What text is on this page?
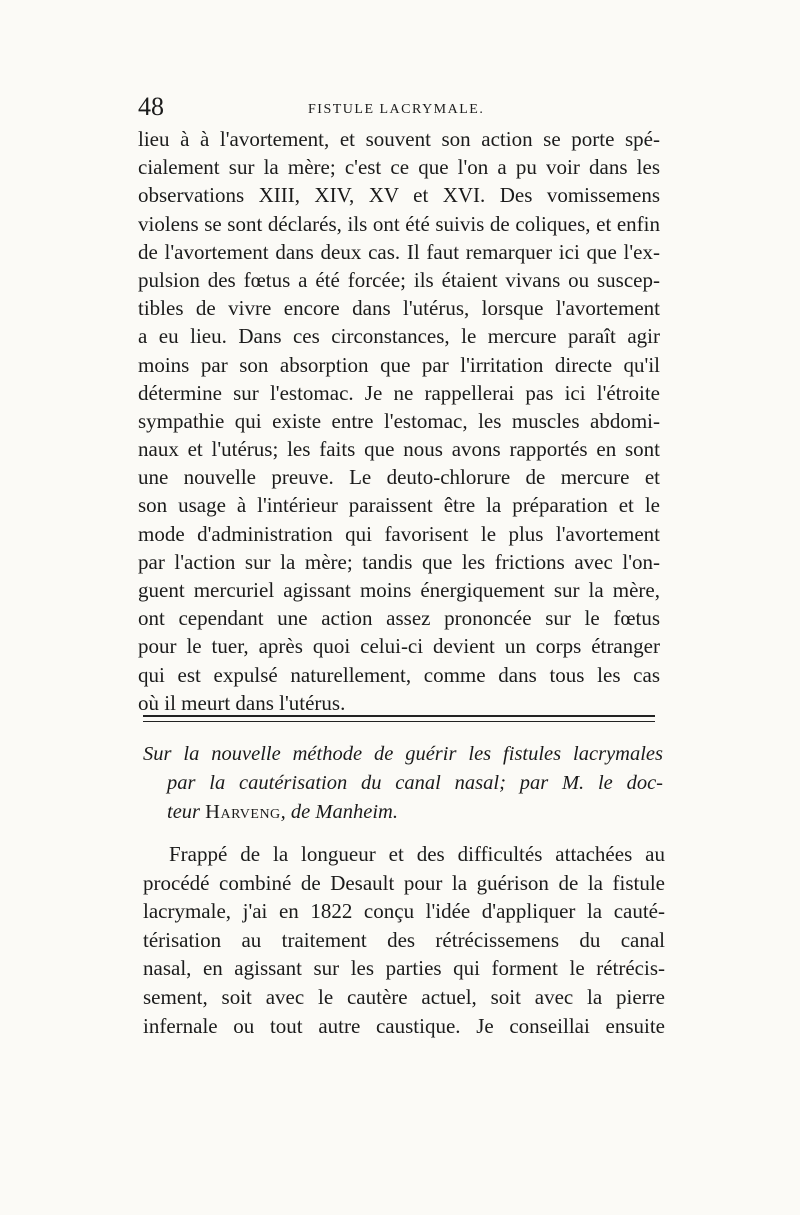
48	FISTULE LACRYMALE.
lieu à à l'avortement, et souvent son action se porte spé-
cialement sur la mère; c'est ce que l'on a pu voir dans les
observations XIII, XIV, XV et XVI. Des vomissemens
violens se sont déclarés, ils ont été suivis de coliques, et enfin
de l'avortement dans deux cas. Il faut remarquer ici que l'ex-
pulsion des fœtus a été forcée; ils étaient vivans ou suscep-
tibles de vivre encore dans l'utérus, lorsque l'avortement
a eu lieu. Dans ces circonstances, le mercure paraît agir
moins par son absorption que par l'irritation directe qu'il
détermine sur l'estomac. Je ne rappellerai pas ici l'étroite
sympathie qui existe entre l'estomac, les muscles abdomi-
naux et l'utérus; les faits que nous avons rapportés en sont
une nouvelle preuve. Le deuto-chlorure de mercure et
son usage à l'intérieur paraissent être la préparation et le
mode d'administration qui favorisent le plus l'avortement
par l'action sur la mère; tandis que les frictions avec l'on-
guent mercuriel agissant moins énergiquement sur la mère,
ont cependant une action assez prononcée sur le fœtus
pour le tuer, après quoi celui-ci devient un corps étranger
qui est expulsé naturellement, comme dans tous les cas
où il meurt dans l'utérus.
Sur la nouvelle méthode de guérir les fistules lacrymales
par la cautérisation du canal nasal; par M. le doc-
teur Harveng, de Manheim.
Frappé de la longueur et des difficultés attachées au
procédé combiné de Desault pour la guérison de la fistule
lacrymale, j'ai en 1822 conçu l'idée d'appliquer la cauté-
térisation au traitement des rétrécissemens du canal
nasal, en agissant sur les parties qui forment le rétrécis-
sement, soit avec le cautère actuel, soit avec la pierre
infernale ou tout autre caustique. Je conseillai ensuite
